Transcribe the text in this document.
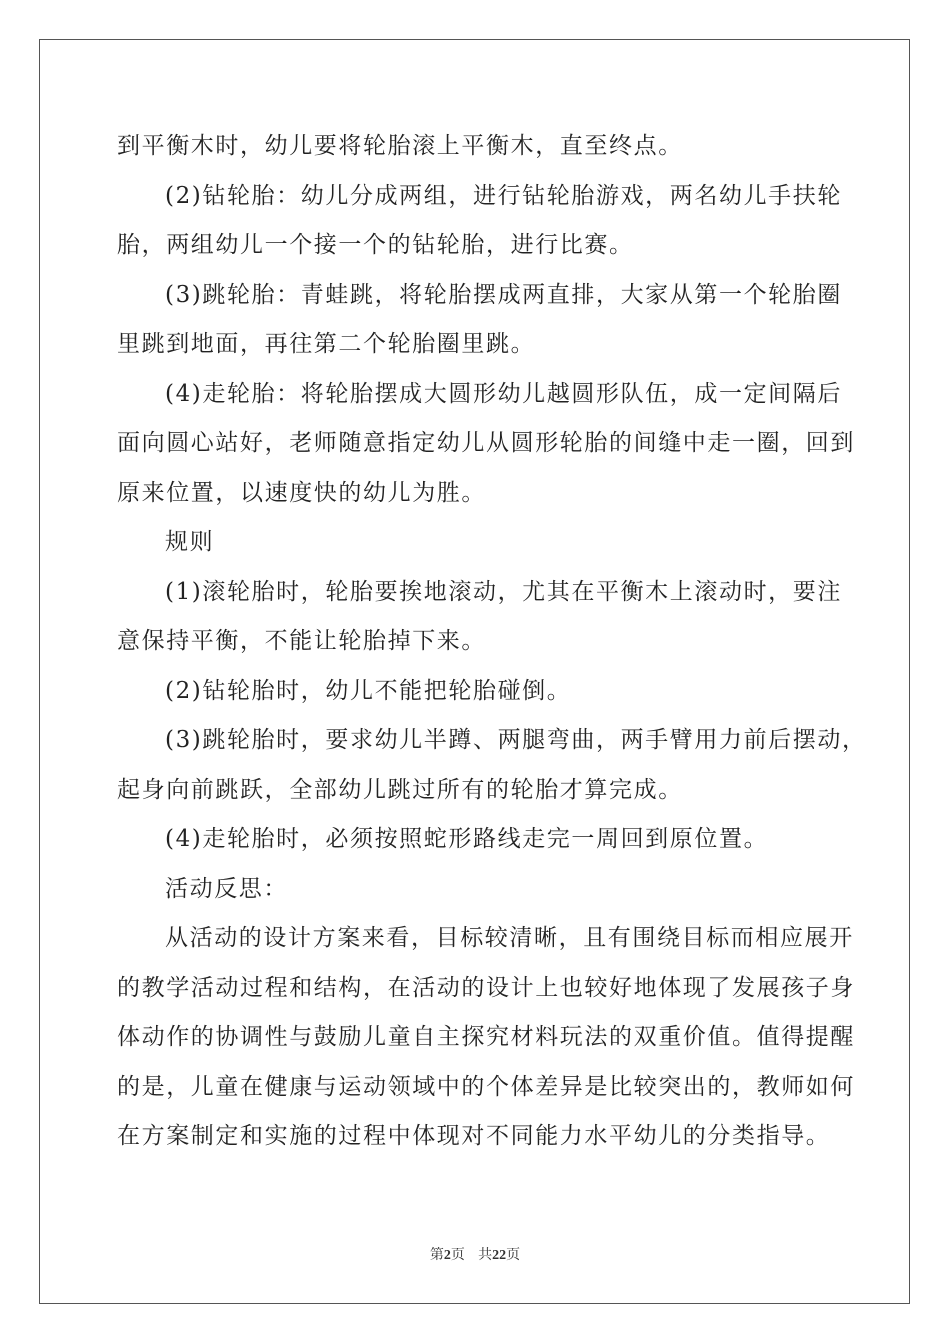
到平衡木时，幼儿要将轮胎滚上平衡木，直至终点。
(2)钻轮胎：幼儿分成两组，进行钻轮胎游戏，两名幼儿手扶轮
胎，两组幼儿一个接一个的钻轮胎，进行比赛。
(3)跳轮胎：青蛙跳，将轮胎摆成两直排，大家从第一个轮胎圈
里跳到地面，再往第二个轮胎圈里跳。
(4)走轮胎：将轮胎摆成大圆形幼儿越圆形队伍，成一定间隔后
面向圆心站好，老师随意指定幼儿从圆形轮胎的间缝中走一圈，回到
原来位置，以速度快的幼儿为胜。
规则
(1)滚轮胎时，轮胎要挨地滚动，尤其在平衡木上滚动时，要注
意保持平衡，不能让轮胎掉下来。
(2)钻轮胎时，幼儿不能把轮胎碰倒。
(3)跳轮胎时，要求幼儿半蹲、两腿弯曲，两手臂用力前后摆动，
起身向前跳跃，全部幼儿跳过所有的轮胎才算完成。
(4)走轮胎时，必须按照蛇形路线走完一周回到原位置。
活动反思：
从活动的设计方案来看，目标较清晰，且有围绕目标而相应展开
的教学活动过程和结构，在活动的设计上也较好地体现了发展孩子身
体动作的协调性与鼓励儿童自主探究材料玩法的双重价值。值得提醒
的是，儿童在健康与运动领域中的个体差异是比较突出的，教师如何
在方案制定和实施的过程中体现对不同能力水平幼儿的分类指导。
第2页 共22页
